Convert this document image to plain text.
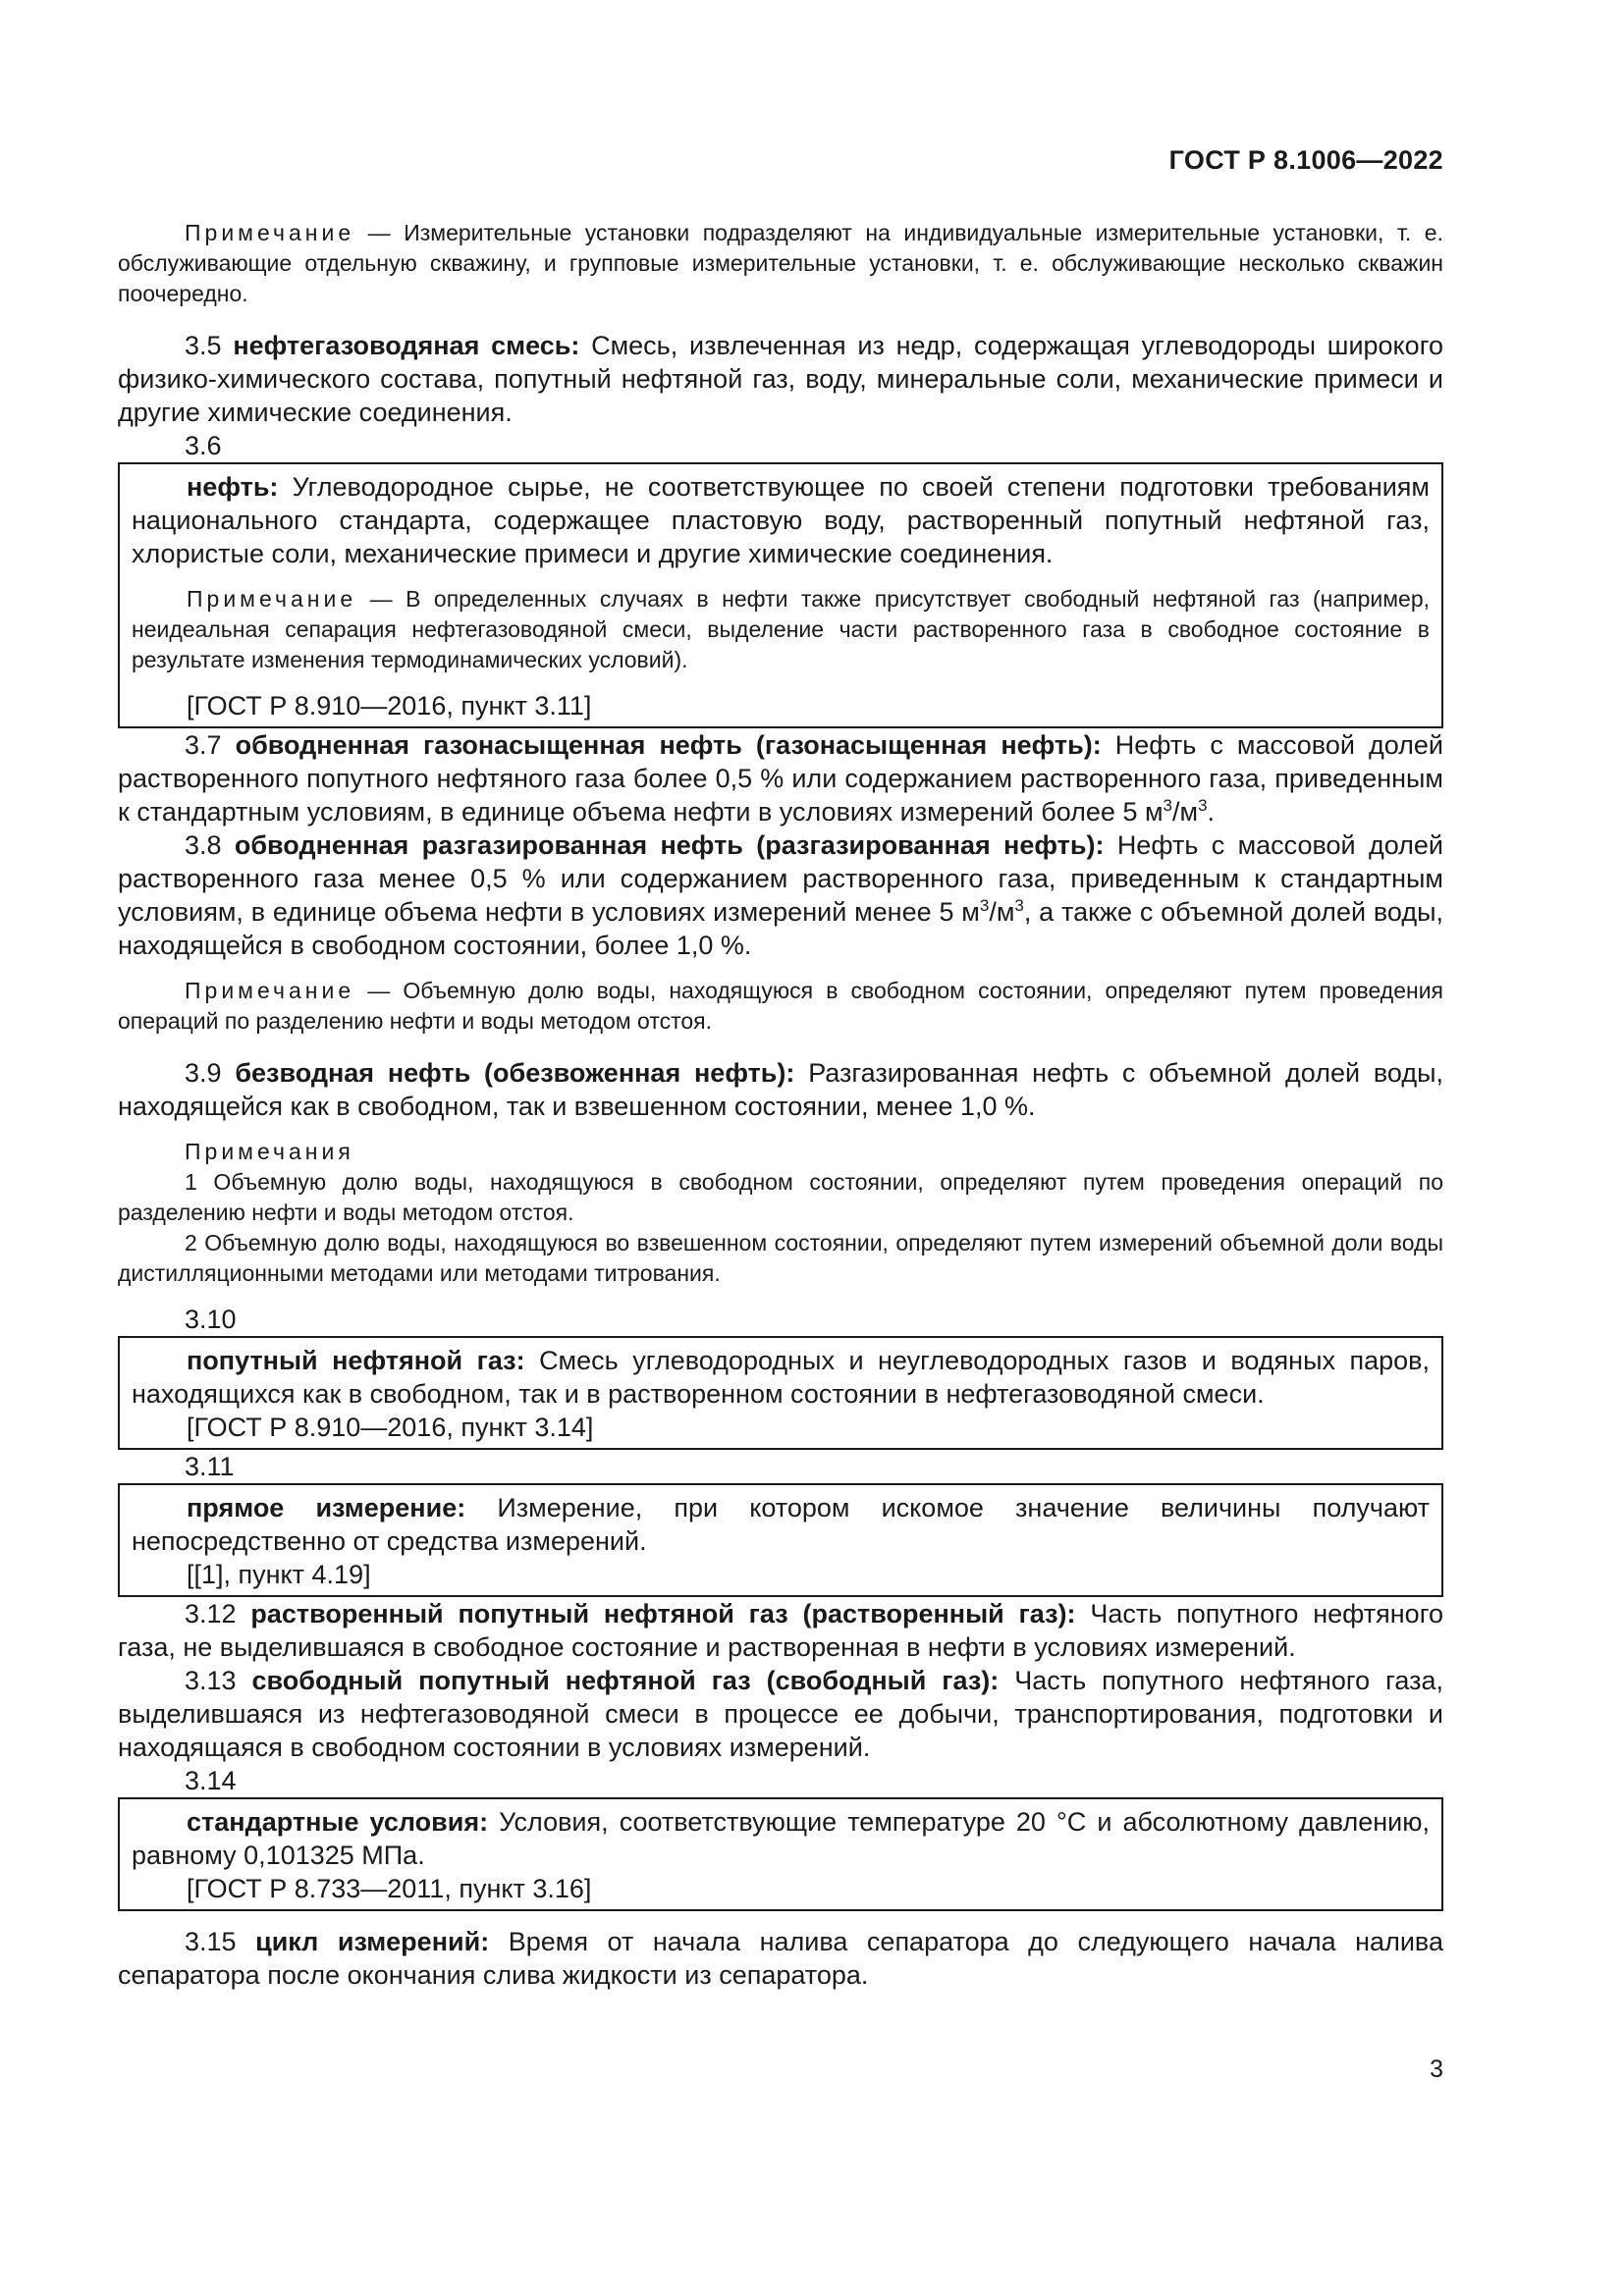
ГОСТ Р 8.1006—2022

Примечание — Измерительные установки подразделяют на индивидуальные измерительные установки, т. е. обслуживающие отдельную скважину, и групповые измерительные установки, т. е. обслуживающие несколько скважин поочередно.

3.5 нефтегазоводяная смесь: Смесь, извлеченная из недр, содержащая углеводороды широкого физико-химического состава, попутный нефтяной газ, воду, минеральные соли, механические примеси и другие химические соединения.

3.6

нефть: Углеводородное сырье, не соответствующее по своей степени подготовки требованиям национального стандарта, содержащее пластовую воду, растворенный попутный нефтяной газ, хлористые соли, механические примеси и другие химические соединения.

Примечание — В определенных случаях в нефти также присутствует свободный нефтяной газ (например, неидеальная сепарация нефтегазоводяной смеси, выделение части растворенного газа в свободное состояние в результате изменения термодинамических условий).

[ГОСТ Р 8.910—2016, пункт 3.11]

3.7 обводненная газонасыщенная нефть (газонасыщенная нефть): Нефть с массовой долей растворенного попутного нефтяного газа более 0,5 % или содержанием растворенного газа, приведенным к стандартным условиям, в единице объема нефти в условиях измерений более 5 $м^3/м^3$.

3.8 обводненная разгазированная нефть (разгазированная нефть): Нефть с массовой долей растворенного газа менее 0,5 % или содержанием растворенного газа, приведенным к стандартным условиям, в единице объема нефти в условиях измерений менее 5 $м^3/м^3$, а также с объемной долей воды, находящейся в свободном состоянии, более 1,0 %.

Примечание — Объемную долю воды, находящуюся в свободном состоянии, определяют путем проведения операций по разделению нефти и воды методом отстоя.

3.9 безводная нефть (обезвоженная нефть): Разгазированная нефть с объемной долей воды, находящейся как в свободном, так и взвешенном состоянии, менее 1,0 %.

Примечания

1 Объемную долю воды, находящуюся в свободном состоянии, определяют путем проведения операций по разделению нефти и воды методом отстоя.

2 Объемную долю воды, находящуюся во взвешенном состоянии, определяют путем измерений объемной доли воды дистилляционными методами или методами титрования.

3.10

попутный нефтяной газ: Смесь углеводородных и неуглеводородных газов и водяных паров, находящихся как в свободном, так и в растворенном состоянии в нефтегазоводяной смеси.

[ГОСТ Р 8.910—2016, пункт 3.14]

3.11

прямое измерение: Измерение, при котором искомое значение величины получают непосредственно от средства измерений.

[[1], пункт 4.19]

3.12 растворенный попутный нефтяной газ (растворенный газ): Часть попутного нефтяного газа, не выделившаяся в свободное состояние и растворенная в нефти в условиях измерений.

3.13 свободный попутный нефтяной газ (свободный газ): Часть попутного нефтяного газа, выделившаяся из нефтегазоводяной смеси в процессе ее добычи, транспортирования, подготовки и находящаяся в свободном состоянии в условиях измерений.

3.14

стандартные условия: Условия, соответствующие температуре 20 °C и абсолютному давлению, равному 0,101325 МПа.

[ГОСТ Р 8.733—2011, пункт 3.16]

3.15 цикл измерений: Время от начала налива сепаратора до следующего начала налива сепаратора после окончания слива жидкости из сепаратора.

3
